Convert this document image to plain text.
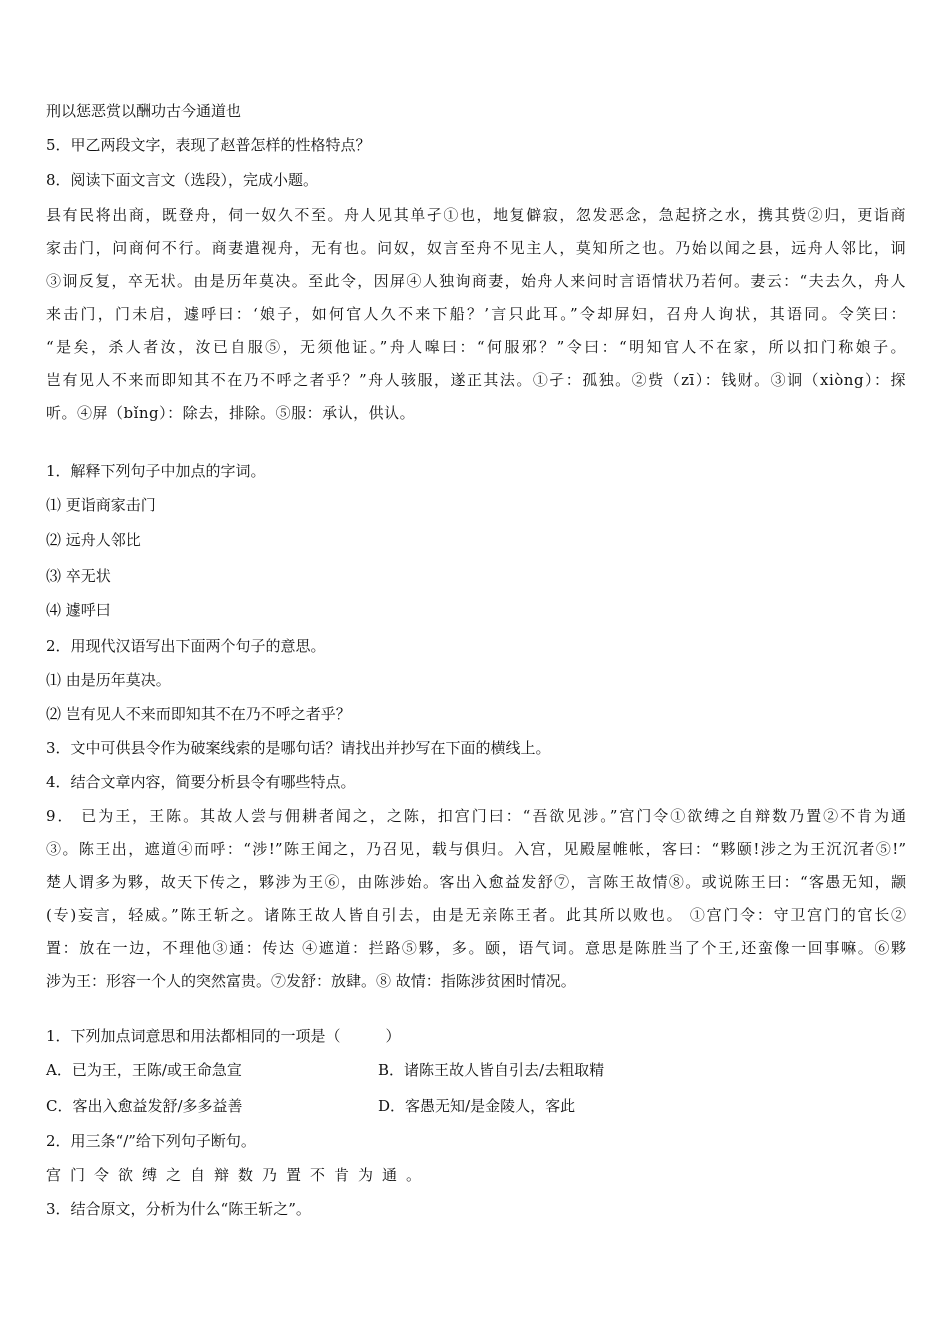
刑以惩恶赏以酬功古今通道也
5．甲乙两段文字，表现了赵普怎样的性格特点？
8．阅读下面文言文（选段），完成小题。
县有民将出商，既登舟，伺一奴久不至。舟人见其单孑①也，地复僻寂，忽发恶念，急起挤之水，携其赀②归，更诣商
家击门，问商何不行。商妻遣视舟，无有也。问奴，奴言至舟不见主人，莫知所之也。乃始以闻之县，远舟人邻比，诇
③诇反复，卒无状。由是历年莫决。至此令，因屏④人独询商妻，始舟人来问时言语情状乃若何。妻云：“夫去久，舟人
来击门，门未启，遽呼曰：‘娘子，如何官人久不来下船？’言只此耳。”令却屏妇，召舟人询状，其语同。令笑曰：
“是矣，杀人者汝，汝已自服⑤，无须他证。”舟人嗥曰：“何服邪？”令曰：“明知官人不在家，所以扣门称娘子。
岂有见人不来而即知其不在乃不呼之者乎？”舟人骇服，遂正其法。①孑：孤独。②赀（zī）：钱财。③诇（xiòng）：探
听。④屏（bǐng）：除去，排除。⑤服：承认，供认。
1．解释下列句子中加点的字词。
⑴ 更诣商家击门
⑵ 远舟人邻比
⑶ 卒无状
⑷ 遽呼曰
2．用现代汉语写出下面两个句子的意思。
⑴ 由是历年莫决。
⑵ 岂有见人不来而即知其不在乃不呼之者乎？
3．文中可供县令作为破案线索的是哪句话？请找出并抄写在下面的横线上。
4．结合文章内容，简要分析县令有哪些特点。
9． 已为王，王陈。其故人尝与佣耕者闻之，之陈，扣宫门曰：“吾欲见涉。”宫门令①欲缚之自辩数乃置②不肯为通
③。陈王出，遮道④而呼：“涉!”陈王闻之，乃召见，载与俱归。入宫，见殿屋帷帐，客曰：“夥颐!涉之为王沉沉者⑤!”
楚人谓多为夥，故天下传之，夥涉为王⑥，由陈涉始。客出入愈益发舒⑦，言陈王故情⑧。或说陈王曰：“客愚无知，颛
(专)妄言，轻威。”陈王斩之。诸陈王故人皆自引去，由是无亲陈王者。此其所以败也。 ①宫门令：守卫宫门的官长②
置：放在一边，不理他③通：传达 ④遮道：拦路⑤夥，多。颐，语气词。意思是陈胜当了个王,还蛮像一回事嘛。⑥夥
涉为王：形容一个人的突然富贵。⑦发舒：放肆。⑧ 故情：指陈涉贫困时情况。
1．下列加点词意思和用法都相同的一项是（　　　）
A．已为王，王陈/或王命急宣	B．诸陈王故人皆自引去/去粗取精
C．客出入愈益发舒/多多益善	D．客愚无知/是金陵人，客此
2．用三条“/”给下列句子断句。
宫门令欲缚之自辩数乃置不肯为通。
3．结合原文，分析为什么“陈王斩之”。
